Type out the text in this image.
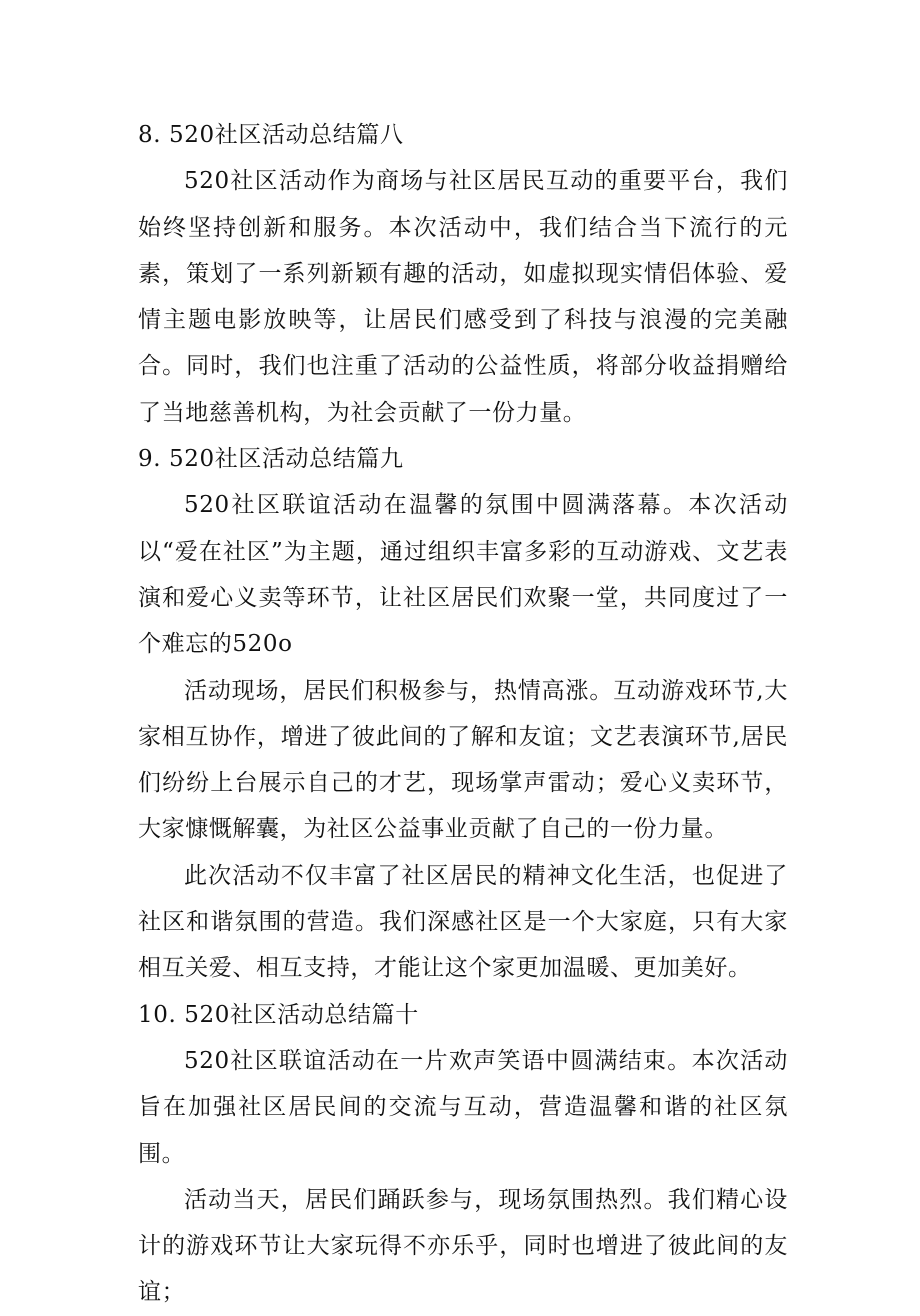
8. 520社区活动总结篇八

520社区活动作为商场与社区居民互动的重要平台，我们始终坚持创新和服务。本次活动中，我们结合当下流行的元素，策划了一系列新颖有趣的活动，如虚拟现实情侣体验、爱情主题电影放映等，让居民们感受到了科技与浪漫的完美融合。同时，我们也注重了活动的公益性质，将部分收益捐赠给了当地慈善机构，为社会贡献了一份力量。

9. 520社区活动总结篇九

520社区联谊活动在温馨的氛围中圆满落幕。本次活动以“爱在社区”为主题，通过组织丰富多彩的互动游戏、文艺表演和爱心义卖等环节，让社区居民们欢聚一堂，共同度过了一个难忘的520o

活动现场，居民们积极参与，热情高涨。互动游戏环节,大家相互协作，增进了彼此间的了解和友谊；文艺表演环节,居民们纷纷上台展示自己的才艺，现场掌声雷动；爱心义卖环节，大家慷慨解囊，为社区公益事业贡献了自己的一份力量。

此次活动不仅丰富了社区居民的精神文化生活，也促进了社区和谐氛围的营造。我们深感社区是一个大家庭，只有大家相互关爱、相互支持，才能让这个家更加温暖、更加美好。

10. 520社区活动总结篇十

520社区联谊活动在一片欢声笑语中圆满结束。本次活动旨在加强社区居民间的交流与互动，营造温馨和谐的社区氛围。

活动当天，居民们踊跃参与，现场氛围热烈。我们精心设计的游戏环节让大家玩得不亦乐乎，同时也增进了彼此间的友谊；
